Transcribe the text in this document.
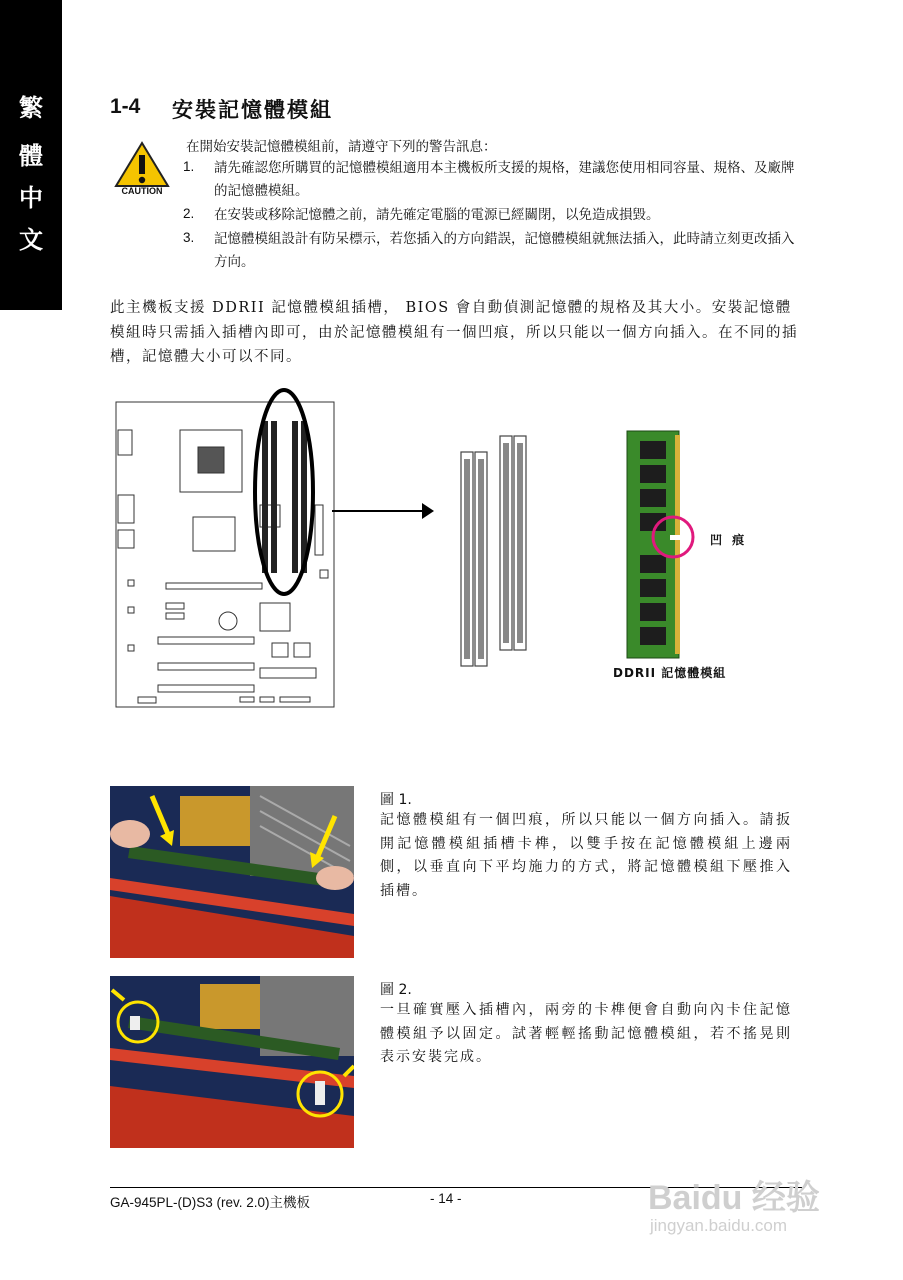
繁
體
中
文
1-4 安裝記憶體模組
CAUTION
在開始安裝記憶體模組前，請遵守下列的警告訊息：
1. 請先確認您所購買的記憶體模組適用本主機板所支援的規格，建議您使用相同容量、規格、及廠牌的記憶體模組。
2. 在安裝或移除記憶體之前，請先確定電腦的電源已經關閉，以免造成損毀。
3. 記憶體模組設計有防呆標示，若您插入的方向錯誤，記憶體模組就無法插入，此時請立刻更改插入方向。
此主機板支援 DDRII 記憶體模組插槽， BIOS 會自動偵測記憶體的規格及其大小。安裝記憶體模組時只需插入插槽內即可，由於記憶體模組有一個凹痕，所以只能以一個方向插入。在不同的插槽，記憶體大小可以不同。
凹 痕
DDRII 記憶體模組
圖 1.
記憶體模組有一個凹痕，所以只能以一個方向插入。請扳開記憶體模組插槽卡榫，以雙手按在記憶體模組上邊兩側，以垂直向下平均施力的方式，將記憶體模組下壓推入插槽。
圖 2.
一旦確實壓入插槽內，兩旁的卡榫便會自動向內卡住記憶體模組予以固定。試著輕輕搖動記憶體模組，若不搖晃則表示安裝完成。
GA-945PL-(D)S3 (rev. 2.0)主機板	- 14 -	Baidu 经验
jingyan.baidu.com
